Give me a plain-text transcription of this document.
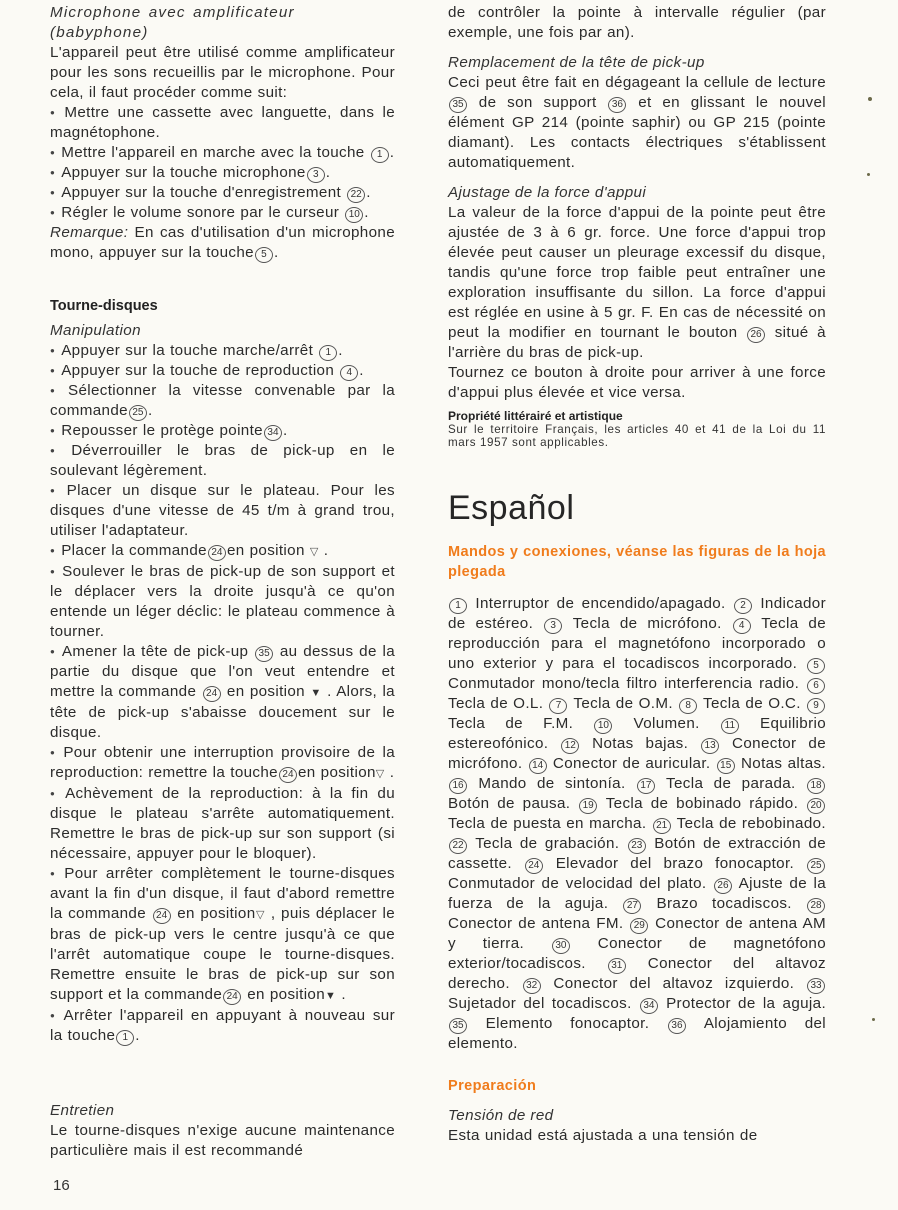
Microphone avec amplificateur (babyphone)

L'appareil peut être utilisé comme amplificateur pour les sons recueillis par le microphone. Pour cela, il faut procéder comme suit:

● Mettre une cassette avec languette, dans le magnétophone.

● Mettre l'appareil en marche avec la touche 1 .

● Appuyer sur la touche microphone 3 .

● Appuyer sur la touche d'enregistrement 22 .

● Régler le volume sonore par le curseur 10 .

Remarque: En cas d'utilisation d'un microphone mono, appuyer sur la touche 5 .

Tourne-disques

Manipulation

● Appuyer sur la touche marche/arrêt 1 .

● Appuyer sur la touche de reproduction 4 .

● Sélectionner la vitesse convenable par la commande 25 .

● Repousser le protège pointe 34 .

● Déverrouiller le bras de pick-up en le soulevant légèrement.

● Placer un disque sur le plateau. Pour les disques d'une vitesse de 45 t/m à grand trou, utiliser l'adaptateur.

● Placer la commande 24 en position ▽ .

● Soulever le bras de pick-up de son support et le déplacer vers la droite jusqu'à ce qu'on entende un léger déclic: le plateau commence à tourner.

● Amener la tête de pick-up 35 au dessus de la partie du disque que l'on veut entendre et mettre la commande 24 en position ▼ . Alors, la tête de pick-up s'abaisse doucement sur le disque.

● Pour obtenir une interruption provisoire de la reproduction: remettre la touche 24 en position▽ .

● Achèvement de la reproduction: à la fin du disque le plateau s'arrête automatiquement. Remettre le bras de pick-up sur son support (si nécessaire, appuyer pour le bloquer).

● Pour arrêter complètement le tourne-disques avant la fin d'un disque, il faut d'abord remettre la commande 24 en position▽ , puis déplacer le bras de pick-up vers le centre jusqu'à ce que l'arrêt automatique coupe le tourne-disques. Remettre ensuite le bras de pick-up sur son support et la commande 24 en position▼ .

● Arrêter l'appareil en appuyant à nouveau sur la touche 1 .

Entretien

Le tourne-disques n'exige aucune maintenance particulière mais il est recommandé

de contrôler la pointe à intervalle régulier (par exemple, une fois par an).

Remplacement de la tête de pick-up

Ceci peut être fait en dégageant la cellule de lecture 35 de son support 36 et en glissant le nouvel élément GP 214 (pointe saphir) ou GP 215 (pointe diamant). Les contacts électriques s'établissent automatiquement.

Ajustage de la force d'appui

La valeur de la force d'appui de la pointe peut être ajustée de 3 à 6 gr. force. Une force d'appui trop élevée peut causer un pleurage excessif du disque, tandis qu'une force trop faible peut entraîner une exploration insuffisante du sillon. La force d'appui est réglée en usine à 5 gr. F. En cas de nécessité on peut la modifier en tournant le bouton 26 situé à l'arrière du bras de pick-up.

Tournez ce bouton à droite pour arriver à une force d'appui plus élevée et vice versa.

Propriété littérairé et artistique

Sur le territoire Français, les articles 40 et 41 de la Loi du 11 mars 1957 sont applicables.

Español

Mandos y conexiones, véanse las figuras de la hoja plegada

1 Interruptor de encendido/apagado. 2 Indicador de estéreo. 3 Tecla de micrófono. 4 Tecla de reproducción para el magnetófono incorporado o uno exterior y para el tocadiscos incorporado. 5 Conmutador mono/tecla filtro interferencia radio. 6 Tecla de O.L. 7 Tecla de O.M. 8 Tecla de O.C. 9 Tecla de F.M. 10 Volumen. 11 Equilibrio estereofónico. 12 Notas bajas. 13 Conector de micrófono. 14 Conector de auricular. 15 Notas altas. 16 Mando de sintonía. 17 Tecla de parada. 18 Botón de pausa. 19 Tecla de bobinado rápido. 20 Tecla de puesta en marcha. 21 Tecla de rebobinado. 22 Tecla de grabación. 23 Botón de extracción de cassette. 24 Elevador del brazo fonocaptor. 25 Conmutador de velocidad del plato. 26 Ajuste de la fuerza de la aguja. 27 Brazo tocadiscos. 28 Conector de antena FM. 29 Conector de antena AM y tierra. 30 Conector de magnetófono exterior/tocadiscos. 31 Conector del altavoz derecho. 32 Conector del altavoz izquierdo. 33 Sujetador del tocadiscos. 34 Protector de la aguja. 35 Elemento fonocaptor. 36 Alojamiento del elemento.

Preparación

Tensión de red

Esta unidad está ajustada a una tensión de

16
